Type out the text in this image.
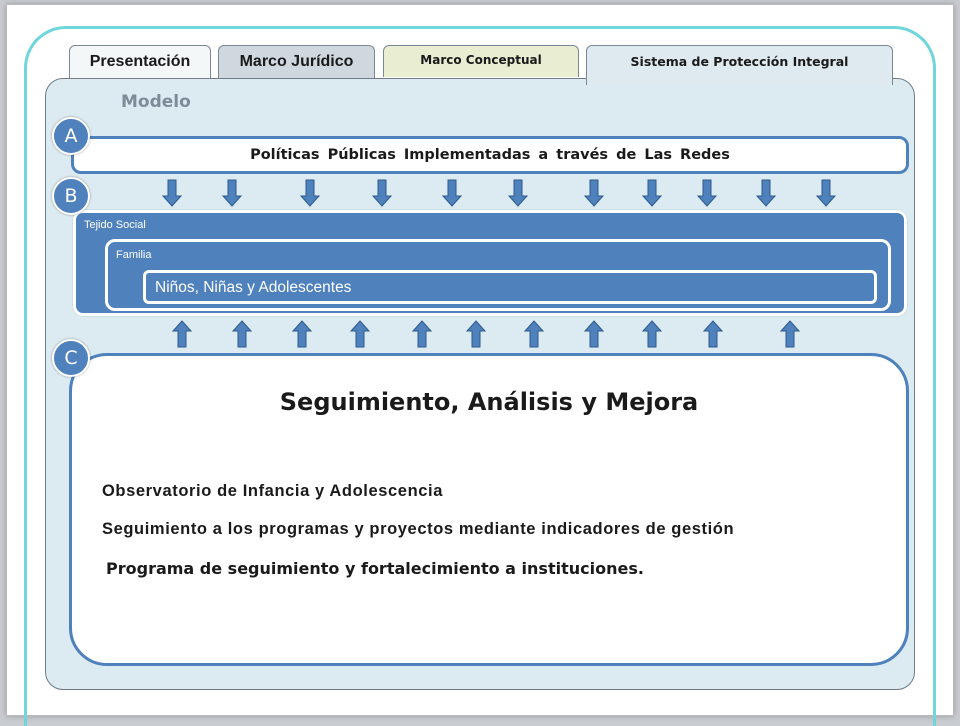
Presentación	Marco Jurídico	Marco Conceptual	Sistema de Protección Integral
Modelo
Políticas Públicas Implementadas a través de Las Redes
A
B
C
Tejido Social
Familia
Niños, Niñas y Adolescentes
Seguimiento, Análisis y Mejora
Observatorio de Infancia y Adolescencia
Seguimiento a los programas y proyectos mediante indicadores de gestión
Programa de seguimiento y fortalecimiento a instituciones.
